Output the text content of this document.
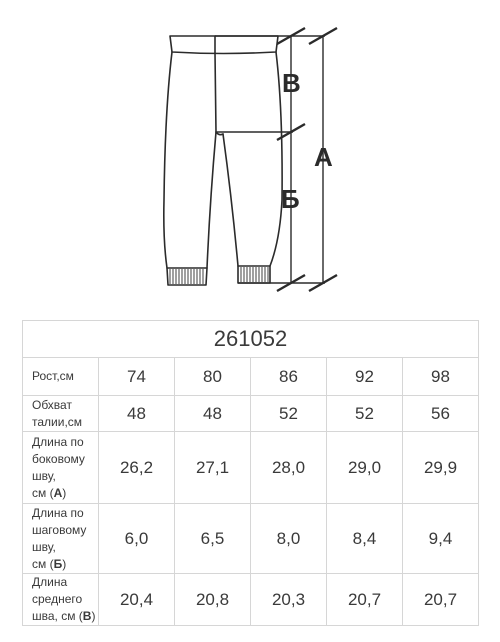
В
Б
А
261052					
Рост,см	74	80	86	92	98
Обхват талии,см	48	48	52	52	56
Длина по
боковому шву,
см (А)	26,2	27,1	28,0	29,0	29,9
Длина по
шаговому шву,
см (Б)	6,0	6,5	8,0	8,4	9,4
Длина среднего
шва, см (В)	20,4	20,8	20,3	20,7	20,7
